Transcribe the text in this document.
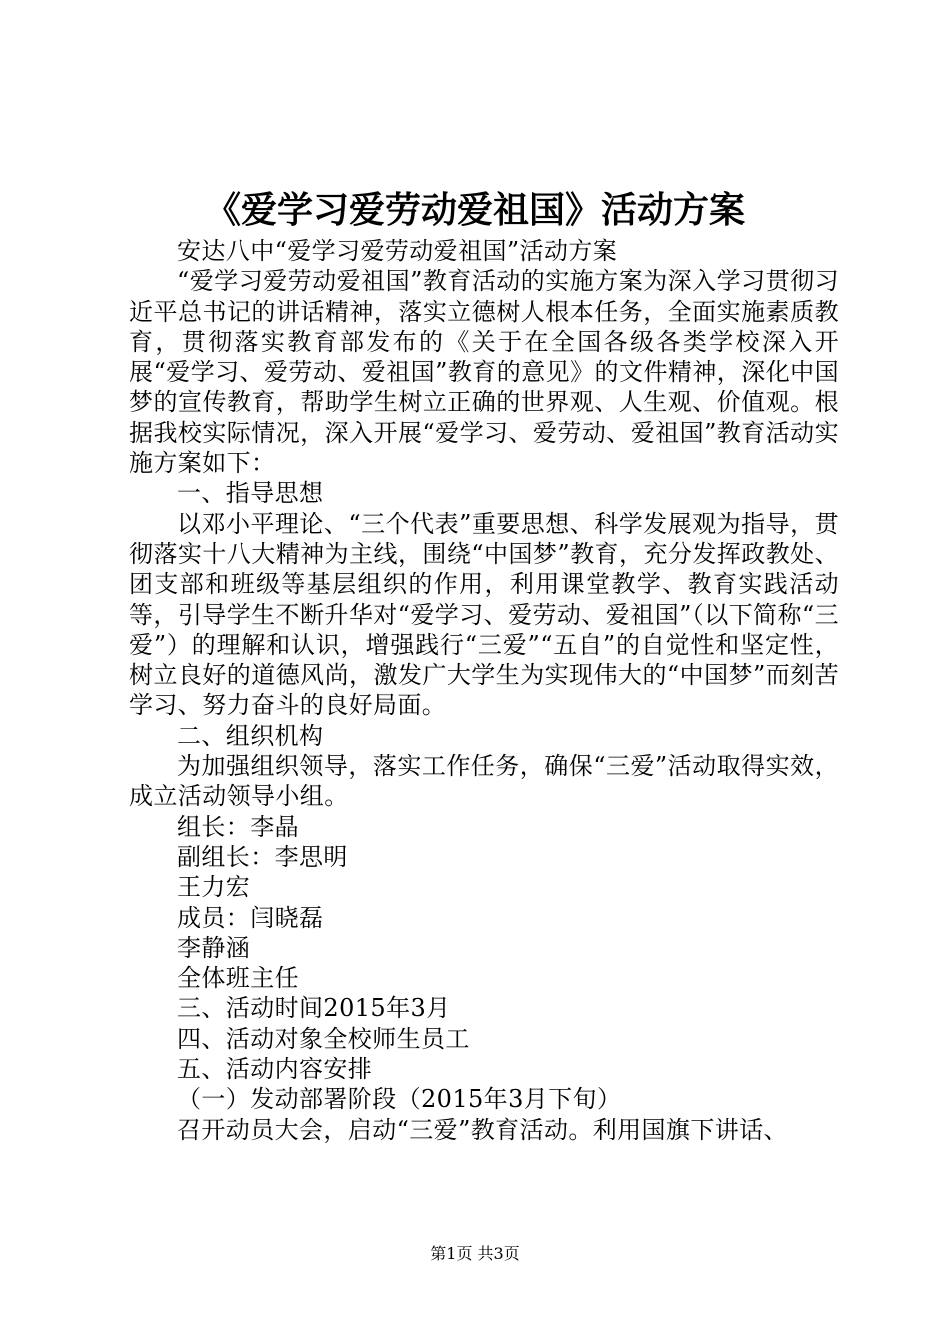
《爱学习爱劳动爱祖国》活动方案

安达八中“爱学习爱劳动爱祖国”活动方案

“爱学习爱劳动爱祖国”教育活动的实施方案为深入学习贯彻习近平总书记的讲话精神，落实立德树人根本任务，全面实施素质教育，贯彻落实教育部发布的《关于在全国各级各类学校深入开展“爱学习、爱劳动、爱祖国”教育的意见》的文件精神，深化中国梦的宣传教育，帮助学生树立正确的世界观、人生观、价值观。根据我校实际情况，深入开展“爱学习、爱劳动、爱祖国”教育活动实施方案如下：

一、指导思想

以邓小平理论、“三个代表”重要思想、科学发展观为指导，贯彻落实十八大精神为主线，围绕“中国梦”教育，充分发挥政教处、团支部和班级等基层组织的作用，利用课堂教学、教育实践活动等，引导学生不断升华对“爱学习、爱劳动、爱祖国”（以下简称“三爱”）的理解和认识，增强践行“三爱”“五自”的自觉性和坚定性，树立良好的道德风尚，激发广大学生为实现伟大的“中国梦”而刻苦学习、努力奋斗的良好局面。

二、组织机构

为加强组织领导，落实工作任务，确保“三爱”活动取得实效，成立活动领导小组。

组长：李晶

副组长：李思明

王力宏

成员：闫晓磊

李静涵

全体班主任

三、活动时间2015年3月

四、活动对象全校师生员工

五、活动内容安排

（一）发动部署阶段（2015年3月下旬）

召开动员大会，启动“三爱”教育活动。利用国旗下讲话、

第1页 共3页
